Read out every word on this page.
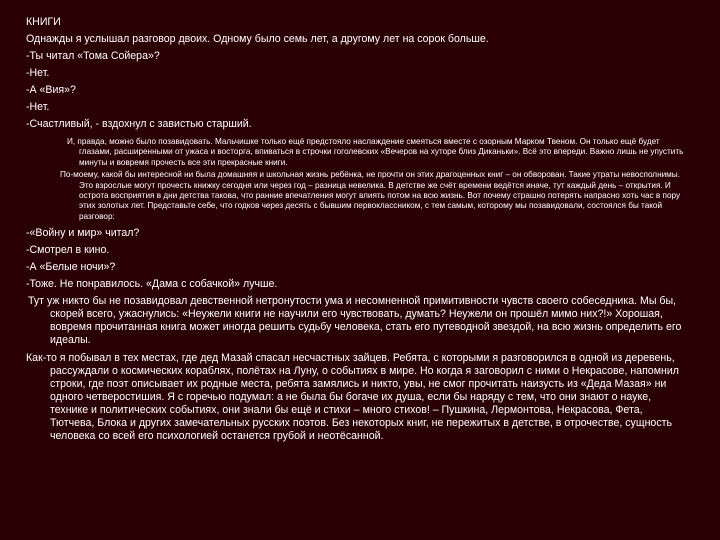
КНИГИ
Однажды я услышал разговор двоих. Одному было семь лет, а другому лет на сорок больше.
-Ты читал «Тома Сойера»?
-Нет.
-А «Вия»?
-Нет.
-Счастливый, - вздохнул с завистью старший.
И, правда, можно было позавидовать. Мальчишке только ещё предстояло наслаждение смеяться вместе с озорным Марком Твеном. Он только ещё будет глазами, расширенными от ужаса и восторга, впиваться в строчки гоголевских «Вечеров на хуторе близ Диканьки». Всё это впереди. Важно лишь не упустить минуты и вовремя прочесть все эти прекрасные книги.
По-моему, какой бы интересной ни была домашняя и школьная жизнь ребёнка, не прочти он этих драгоценных книг – он обворован. Такие утраты невосполнимы. Это взрослые могут прочесть книжку сегодня или через год – разница невелика. В детстве же счёт времени ведётся иначе, тут каждый день – открытия. И острота восприятия в дни детства такова, что ранние впечатления могут влиять потом на всю жизнь. Вот почему страшно потерять напрасно хоть час в пору этих золотых лет. Представьте себе, что годков через десять с бывшим первоклассником, с тем самым, которому мы позавидовали, состоялся бы такой разговор:
-«Войну и мир» читал?
-Смотрел в кино.
-А «Белые ночи»?
-Тоже. Не понравилось. «Дама с собачкой» лучше.
Тут уж никто бы не позавидовал девственной нетронутости ума и несомненной примитивности чувств своего собеседника. Мы бы, скорей всего, ужаснулись: «Неужели книги не научили его чувствовать, думать? Неужели он прошёл мимо них?!» Хорошая, вовремя прочитанная книга может иногда решить судьбу человека, стать его путеводной звездой, на всю жизнь определить его идеалы.
Как-то я побывал в тех местах, где дед Мазай спасал несчастных зайцев. Ребята, с которыми я разговорился в одной из деревень, рассуждали о космических кораблях, полётах на Луну, о событиях в мире. Но когда я заговорил с ними о Некрасове, напомнил строки, где поэт описывает их родные места, ребята замялись и никто, увы, не смог прочитать наизусть из «Деда Мазая» ни одного четверостишия. Я с горечью подумал: а не была бы богаче их душа, если бы наряду с тем, что они знают о науке, технике и политических событиях, они знали бы ещё и стихи – много стихов! – Пушкина, Лермонтова, Некрасова, Фета, Тютчева, Блока и других замечательных русских поэтов. Без некоторых книг, не пережитых в детстве, в отрочестве, сущность человека со всей его психологией останется грубой и неотёсанной.
